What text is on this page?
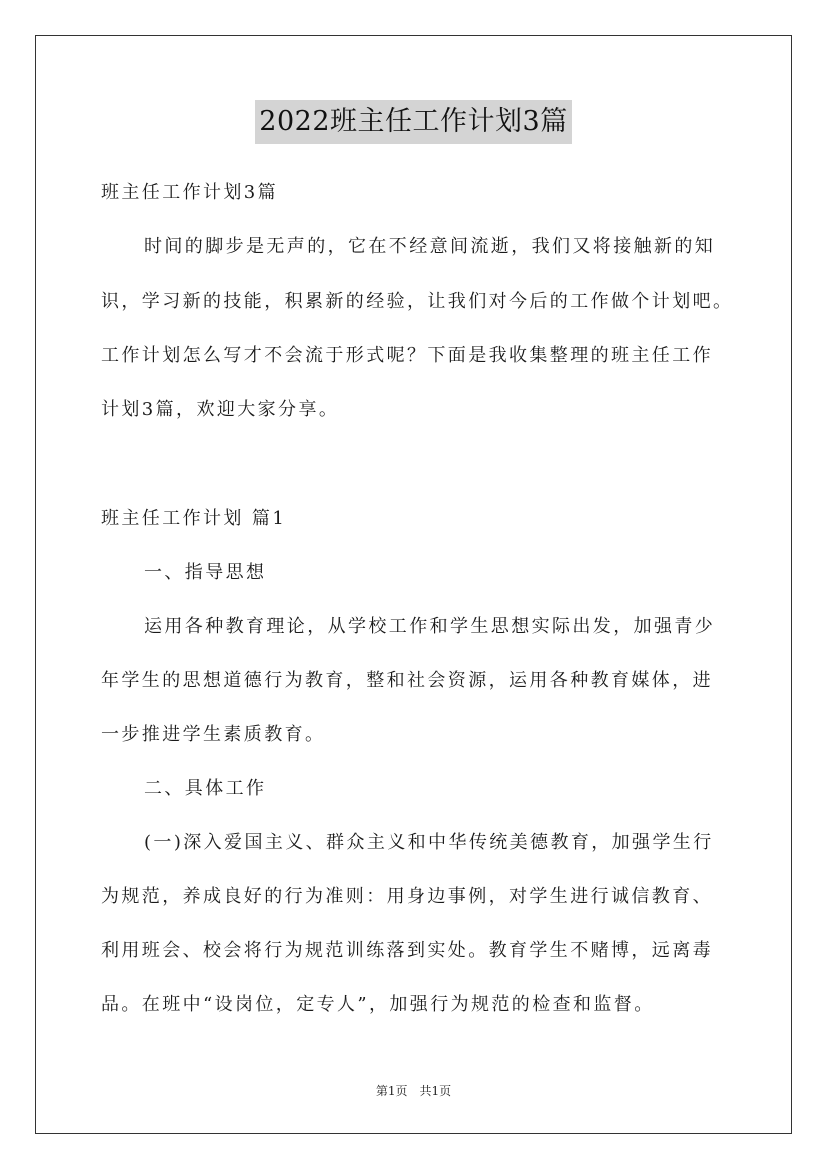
2022班主任工作计划3篇
班主任工作计划3篇
时间的脚步是无声的，它在不经意间流逝，我们又将接触新的知
识，学习新的技能，积累新的经验，让我们对今后的工作做个计划吧。
工作计划怎么写才不会流于形式呢？下面是我收集整理的班主任工作
计划3篇，欢迎大家分享。
班主任工作计划 篇1
一、指导思想
运用各种教育理论，从学校工作和学生思想实际出发，加强青少
年学生的思想道德行为教育，整和社会资源，运用各种教育媒体，进
一步推进学生素质教育。
二、具体工作
(一)深入爱国主义、群众主义和中华传统美德教育，加强学生行
为规范，养成良好的行为准则：用身边事例，对学生进行诚信教育、
利用班会、校会将行为规范训练落到实处。教育学生不赌博，远离毒
品。在班中“设岗位，定专人”，加强行为规范的检查和监督。
第1页　共1页
